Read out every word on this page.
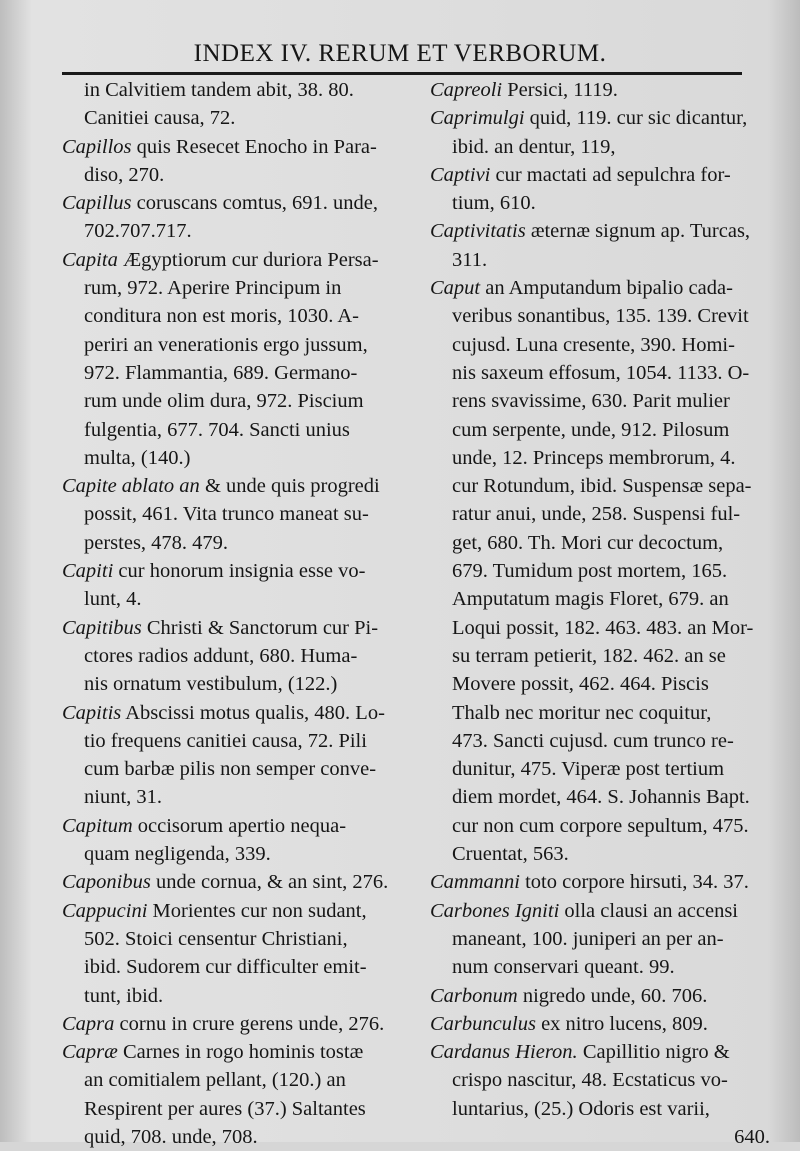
INDEX IV. RERUM ET VERBORUM.
in Calvitiem tandem abit, 38. 80.
Canitiei causa, 72.
Capillos quis Resecet Enocho in Para-
diso, 270.
Capillus coruscans comtus, 691. unde,
702.707.717.
Capita Ægyptiorum cur duriora Persa-
rum, 972. Aperire Principum in
conditura non est moris, 1030. A-
periri an venerationis ergo jussum,
972. Flammantia, 689. Germano-
rum unde olim dura, 972. Piscium
fulgentia, 677. 704. Sancti unius
multa, (140.)
Capite ablato an & unde quis progredi
possit, 461. Vita trunco maneat su-
perstes, 478. 479.
Capiti cur honorum insignia esse vo-
lunt, 4.
Capitibus Christi & Sanctorum cur Pi-
ctores radios addunt, 680. Huma-
nis ornatum vestibulum, (122.)
Capitis Abscissi motus qualis, 480. Lo-
tio frequens canitiei causa, 72. Pili
cum barbæ pilis non semper conve-
niunt, 31.
Capitum occisorum apertio nequa-
quam negligenda, 339.
Caponibus unde cornua, & an sint, 276.
Cappucini Morientes cur non sudant,
502. Stoici censentur Christiani,
ibid. Sudorem cur difficulter emit-
tunt, ibid.
Capra cornu in crure gerens unde, 276.
Capræ Carnes in rogo hominis tostæ
an comitialem pellant, (120.) an
Respirent per aures (37.) Saltantes
quid, 708. unde, 708.
Capreoli Persici, 1119.
Caprimulgi quid, 119. cur sic dicantur,
ibid. an dentur, 119,
Captivi cur mactati ad sepulchra for-
tium, 610.
Captivitatis æternæ signum ap. Turcas,
311.
Caput an Amputandum bipalio cada-
veribus sonantibus, 135. 139. Crevit
cujusd. Luna cresente, 390. Homi-
nis saxeum effosum, 1054. 1133. O-
rens svavissime, 630. Parit mulier
cum serpente, unde, 912. Pilosum
unde, 12. Princeps membrorum, 4.
cur Rotundum, ibid. Suspensæ sepa-
ratur anui, unde, 258. Suspensi ful-
get, 680. Th. Mori cur decoctum,
679. Tumidum post mortem, 165.
Amputatum magis Floret, 679. an
Loqui possit, 182. 463. 483. an Mor-
su terram petierit, 182. 462. an se
Movere possit, 462. 464. Piscis
Thalb nec moritur nec coquitur,
473. Sancti cujusd. cum trunco re-
dunitur, 475. Viperæ post tertium
diem mordet, 464. S. Johannis Bapt.
cur non cum corpore sepultum, 475.
Cruentat, 563.
Cammanni toto corpore hirsuti, 34. 37.
Carbones Igniti olla clausi an accensi
maneant, 100. juniperi an per an-
num conservari queant. 99.
Carbonum nigredo unde, 60. 706.
Carbunculus ex nitro lucens, 809.
Cardanus Hieron. Capillitio nigro &
crispo nascitur, 48. Ecstaticus vo-
luntarius, (25.) Odoris est varii,
640.
